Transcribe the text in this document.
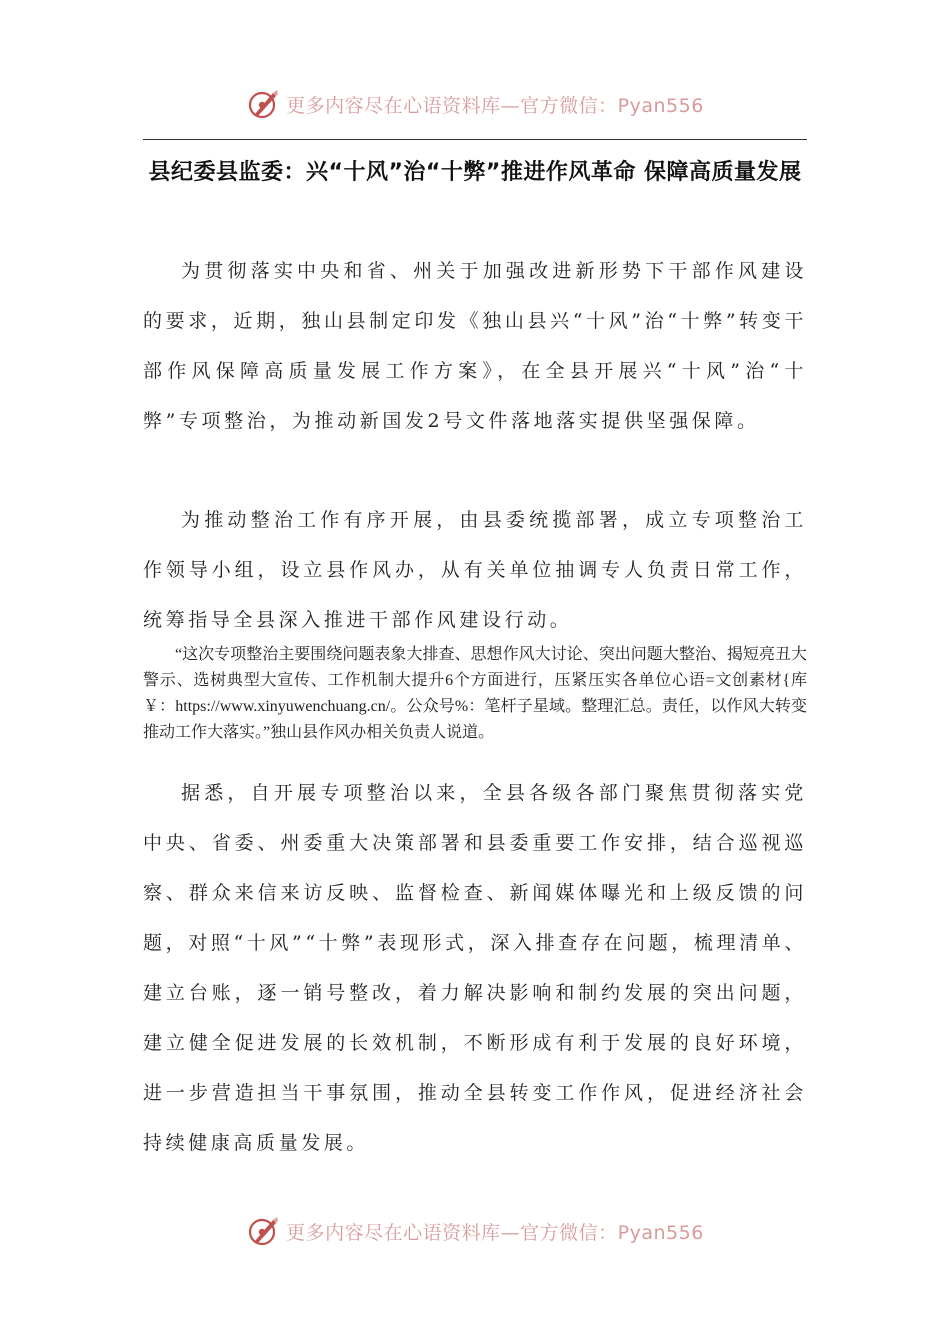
更多内容尽在心语资料库—官方微信：Pyan556
县纪委县监委：兴“十风”治“十弊”推进作风革命 保障高质量发展

为贯彻落实中央和省、州关于加强改进新形势下干部作风建设的要求，近期，独山县制定印发《独山县兴“十风”治“十弊”转变干部作风保障高质量发展工作方案》，在全县开展兴“十风”治“十弊”专项整治，为推动新国发2号文件落地落实提供坚强保障。

为推动整治工作有序开展，由县委统揽部署，成立专项整治工作领导小组，设立县作风办，从有关单位抽调专人负责日常工作，统筹指导全县深入推进干部作风建设行动。

“这次专项整治主要围绕问题表象大排查、思想作风大讨论、突出问题大整治、揭短亮丑大警示、选树典型大宣传、工作机制大提升6个方面进行，压紧压实各单位心语=文创素材{库￥：https://www.xinyuwenchuang.cn/。公众号%：笔杆子星域。整理汇总。责任，以作风大转变推动工作大落实。”独山县作风办相关负责人说道。

据悉，自开展专项整治以来，全县各级各部门聚焦贯彻落实党中央、省委、州委重大决策部署和县委重要工作安排，结合巡视巡察、群众来信来访反映、监督检查、新闻媒体曝光和上级反馈的问题，对照“十风”“十弊”表现形式，深入排查存在问题，梳理清单、建立台账，逐一销号整改，着力解决影响和制约发展的突出问题，建立健全促进发展的长效机制，不断形成有利于发展的良好环境，进一步营造担当干事氛围，推动全县转变工作作风，促进经济社会持续健康高质量发展。

更多内容尽在心语资料库—官方微信：Pyan556
